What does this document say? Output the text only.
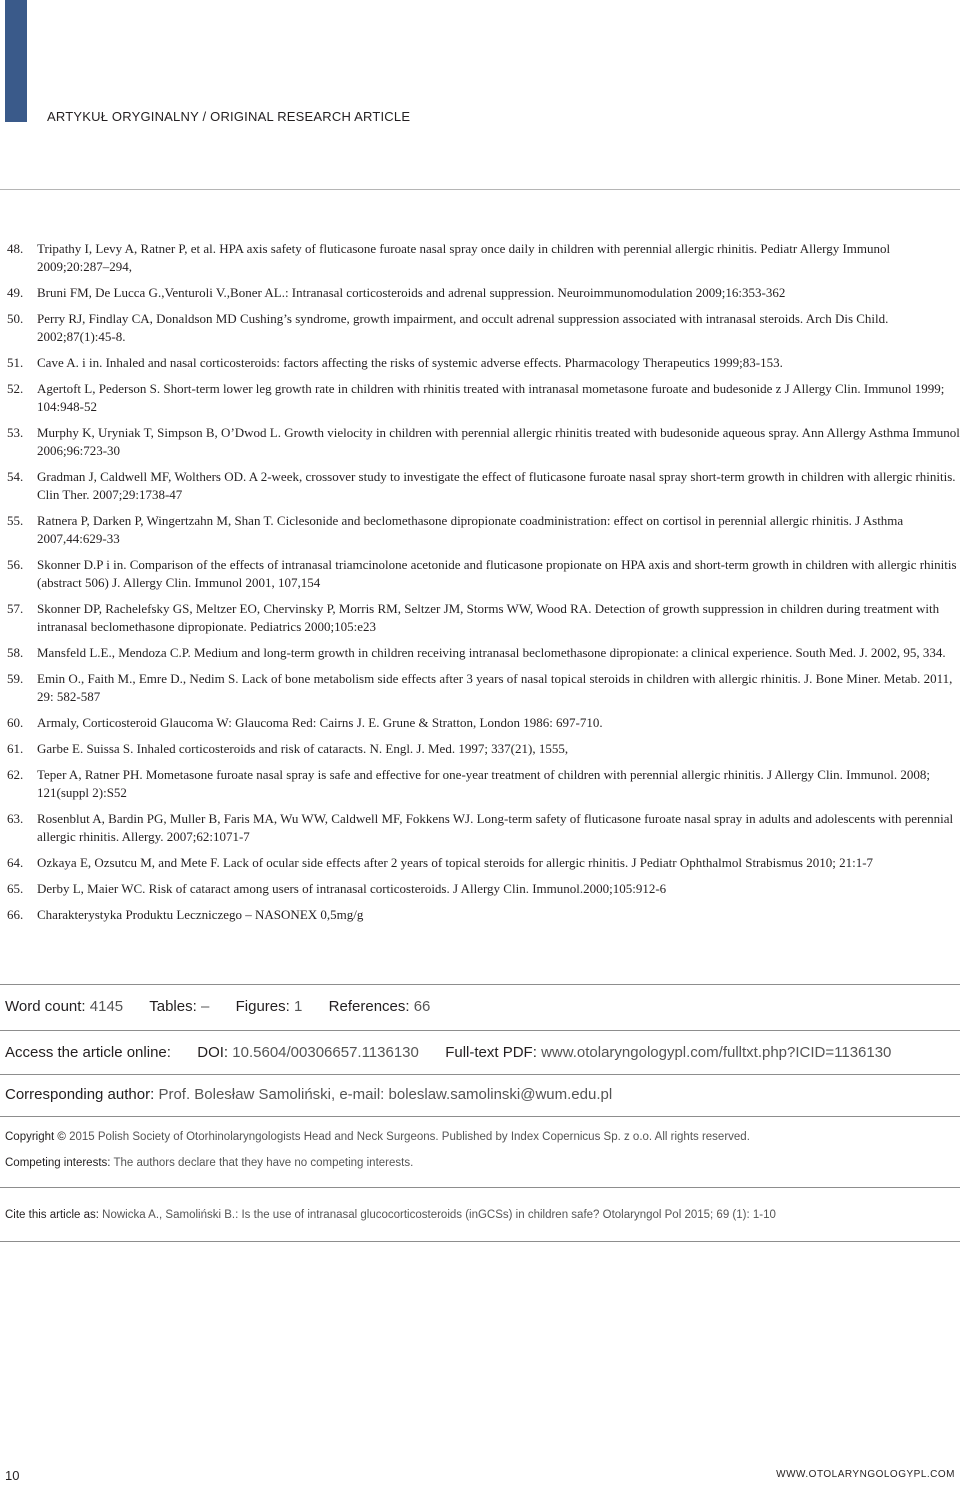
ARTYKUŁ ORYGINALNY / ORIGINAL RESEARCH ARTICLE
48. Tripathy I, Levy A, Ratner P, et al. HPA axis safety of fluticasone furoate nasal spray once daily in children with perennial allergic rhinitis. Pediatr Allergy Immunol 2009;20:287–294,
49. Bruni FM, De Lucca G.,Venturoli V.,Boner AL.: Intranasal corticosteroids and adrenal suppression. Neuroimmunomodulation 2009;16:353-362
50. Perry RJ, Findlay CA, Donaldson MD Cushing’s syndrome, growth impairment, and occult adrenal suppression associated with intranasal steroids. Arch Dis Child. 2002;87(1):45-8.
51. Cave A. i in. Inhaled and nasal corticosteroids: factors affecting the risks of systemic adverse effects. Pharmacology Therapeutics 1999;83-153.
52. Agertoft L, Pederson S. Short-term lower leg growth rate in children with rhinitis treated with intranasal mometasone furoate and budesonide z J Allergy Clin. Immunol 1999; 104:948-52
53. Murphy K, Uryniak T, Simpson B, O’Dwod L. Growth vielocity in children with perennial allergic rhinitis treated with budesonide aqueous spray. Ann Allergy Asthma Immunol 2006;96:723-30
54. Gradman J, Caldwell MF, Wolthers OD. A 2-week, crossover study to investigate the effect of fluticasone furoate nasal spray short-term growth in children with allergic rhinitis. Clin Ther. 2007;29:1738-47
55. Ratnera P, Darken P, Wingertzahn M, Shan T. Ciclesonide and beclomethasone dipropionate coadministration: effect on cortisol in perennial allergic rhinitis. J Asthma 2007,44:629-33
56. Skonner D.P i in. Comparison of the effects of intranasal triamcinolone acetonide and fluticasone propionate on HPA axis and short-term growth in children with allergic rhinitis (abstract 506) J. Allergy Clin. Immunol 2001, 107,154
57. Skonner DP, Rachelefsky GS, Meltzer EO, Chervinsky P, Morris RM, Seltzer JM, Storms WW, Wood RA. Detection of growth suppression in children during treatment with intranasal beclomethasone dipropionate. Pediatrics 2000;105:e23
58. Mansfeld L.E., Mendoza C.P. Medium and long-term growth in children receiving intranasal beclomethasone dipropionate: a clinical experience. South Med. J. 2002, 95, 334.
59. Emin O., Faith M., Emre D., Nedim S. Lack of bone metabolism side effects after 3 years of nasal topical steroids in children with allergic rhinitis. J. Bone Miner. Metab. 2011, 29: 582-587
60. Armaly, Corticosteroid Glaucoma W: Glaucoma Red: Cairns J. E. Grune & Stratton, London 1986: 697-710.
61. Garbe E. Suissa S. Inhaled corticosteroids and risk of cataracts. N. Engl. J. Med. 1997; 337(21), 1555,
62. Teper A, Ratner PH. Mometasone furoate nasal spray is safe and effective for one-year treatment of children with perennial allergic rhinitis. J Allergy Clin. Immunol. 2008; 121(suppl 2):S52
63. Rosenblut A, Bardin PG, Muller B, Faris MA, Wu WW, Caldwell MF, Fokkens WJ. Long-term safety of fluticasone furoate nasal spray in adults and adolescents with perennial allergic rhinitis. Allergy. 2007;62:1071-7
64. Ozkaya E, Ozsutcu M, and Mete F. Lack of ocular side effects after 2 years of topical steroids for allergic rhinitis. J Pediatr Ophthalmol Strabismus 2010; 21:1-7
65. Derby L, Maier WC. Risk of cataract among users of intranasal corticosteroids. J Allergy Clin. Immunol.2000;105:912-6
66. Charakterystyka Produktu Leczniczego – NASONEX 0,5mg/g
Word count: 4145 Tables: – Figures: 1 References: 66
Access the article online: DOI: 10.5604/00306657.1136130 Full-text PDF: www.otolaryngologypl.com/fulltxt.php?ICID=1136130
Corresponding author: Prof. Bolesław Samoliński, e-mail: boleslaw.samolinski@wum.edu.pl
Copyright © 2015 Polish Society of Otorhinolaryngologists Head and Neck Surgeons. Published by Index Copernicus Sp. z o.o. All rights reserved.
Competing interests: The authors declare that they have no competing interests.
Cite this article as: Nowicka A., Samoliński B.: Is the use of intranasal glucocorticosteroids (inGCSs) in children safe? Otolaryngol Pol 2015; 69 (1): 1-10
10	WWW.OTOLARYNGOLOGYPL.COM
